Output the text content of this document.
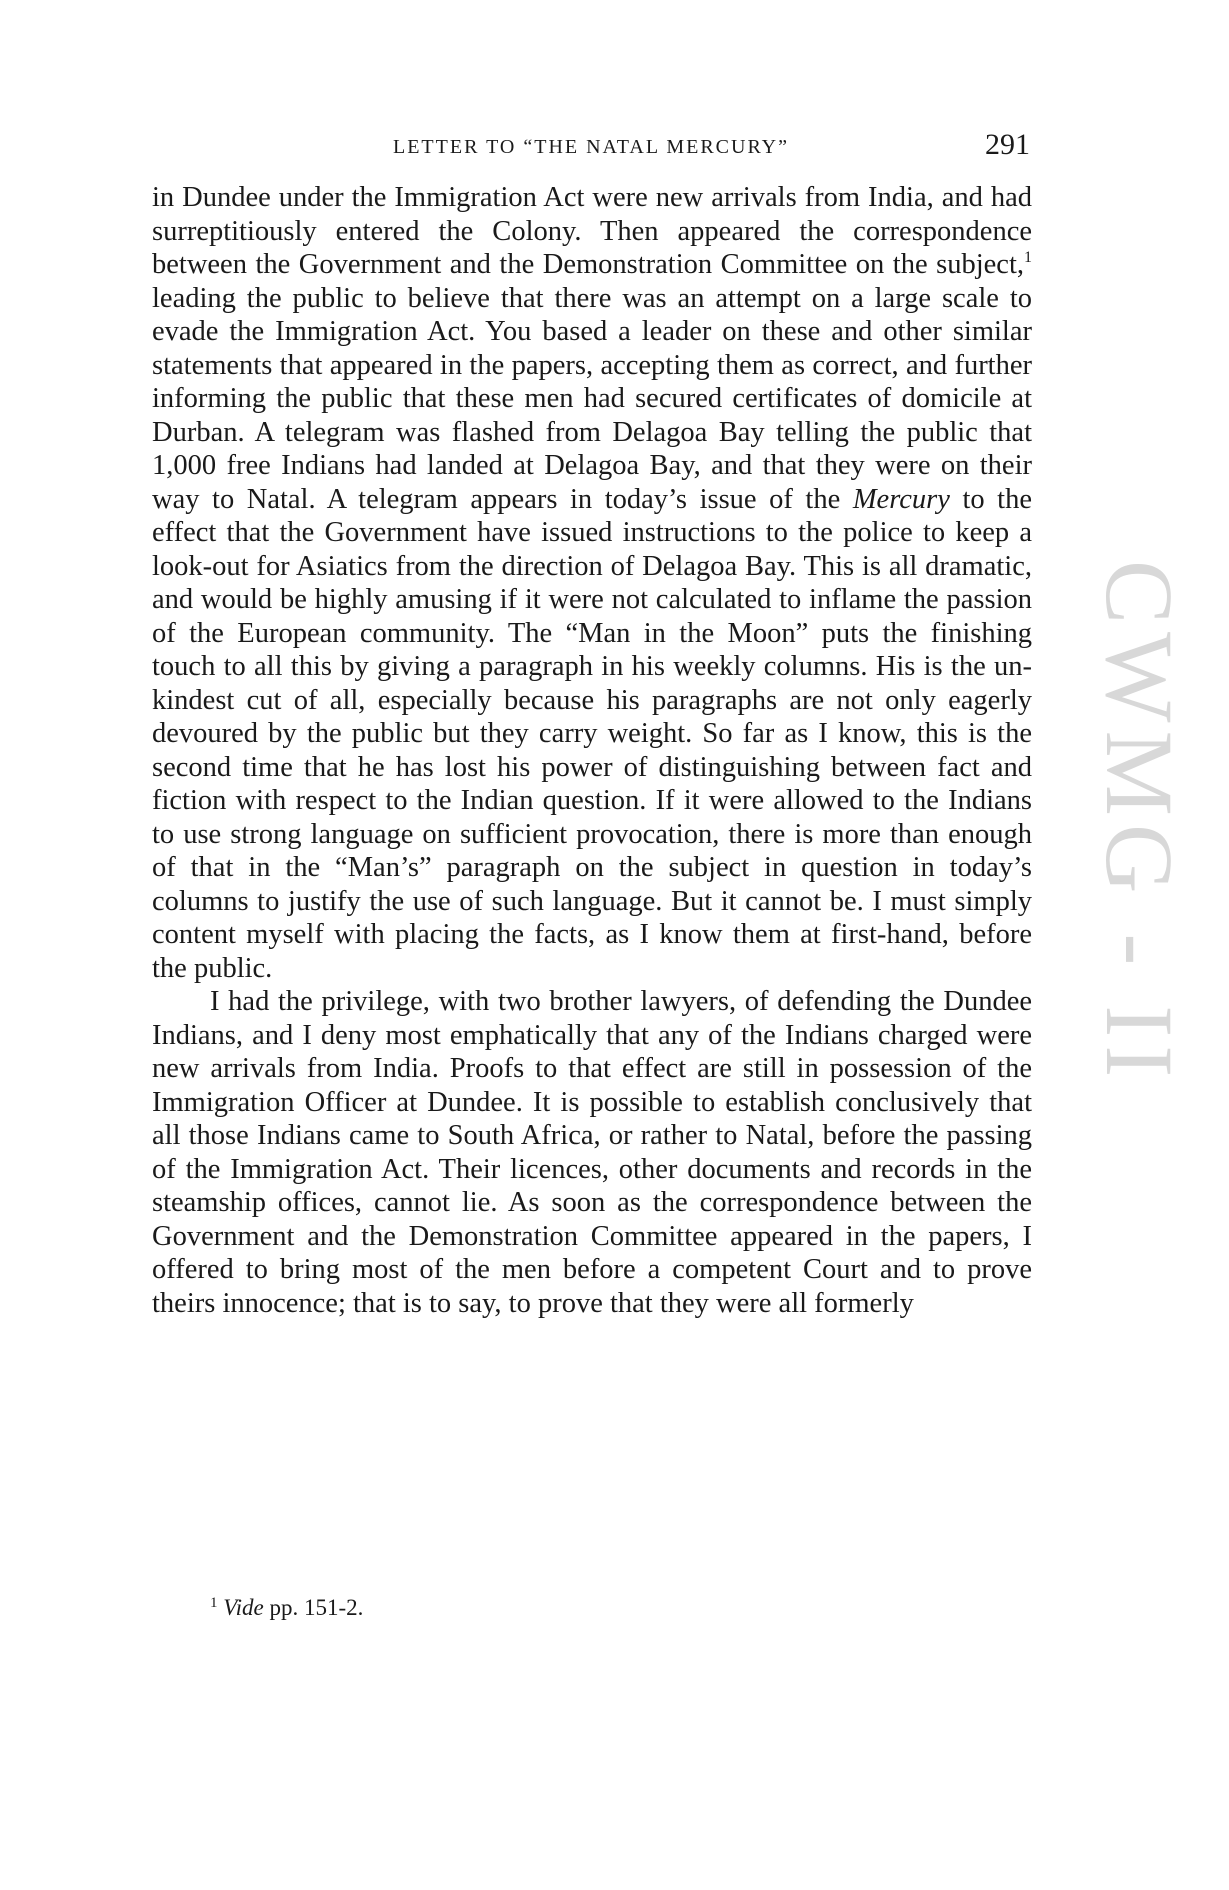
CWMG - II
LETTER TO “THE NATAL MERCURY”	291

in Dundee under the Immigration Act were new arrivals from India, and had surreptitiously entered the Colony. Then appeared the correspondence between the Government and the Demonstration Committee on the subject,$^1$ leading the public to believe that there was an attempt on a large scale to evade the Immigration Act. You based a leader on these and other similar statements that appeared in the papers, accepting them as correct, and further informing the public that these men had secured certificates of domicile at Durban. A telegram was flashed from Delagoa Bay telling the public that 1,000 free Indians had landed at Delagoa Bay, and that they were on their way to Natal. A telegram appears in today’s issue of the Mercury to the effect that the Government have issued instructions to the police to keep a look-out for Asiatics from the direction of Delagoa Bay. This is all dramatic, and would be highly amusing if it were not calculated to inflame the passion of the European community. The “Man in the Moon” puts the finishing touch to all this by giving a paragraph in his weekly columns. His is the unkindest cut of all, especially because his paragraphs are not only eagerly devoured by the public but they carry weight. So far as I know, this is the second time that he has lost his power of distinguishing between fact and fiction with respect to the Indian question. If it were allowed to the Indians to use strong language on sufficient provocation, there is more than enough of that in the “Man’s” paragraph on the subject in question in today’s columns to justify the use of such language. But it cannot be. I must simply content myself with placing the facts, as I know them at first-hand, before the public.

I had the privilege, with two brother lawyers, of defending the Dundee Indians, and I deny most emphatically that any of the Indians charged were new arrivals from India. Proofs to that effect are still in possession of the Immigration Officer at Dundee. It is possible to establish conclusively that all those Indians came to South Africa, or rather to Natal, before the passing of the Immigration Act. Their licences, other documents and records in the steamship offices, cannot lie. As soon as the correspondence between the Government and the Demonstration Committee appeared in the papers, I offered to bring most of the men before a competent Court and to prove theirs innocence; that is to say, to prove that they were all formerly

$^1$ Vide pp. 151-2.
